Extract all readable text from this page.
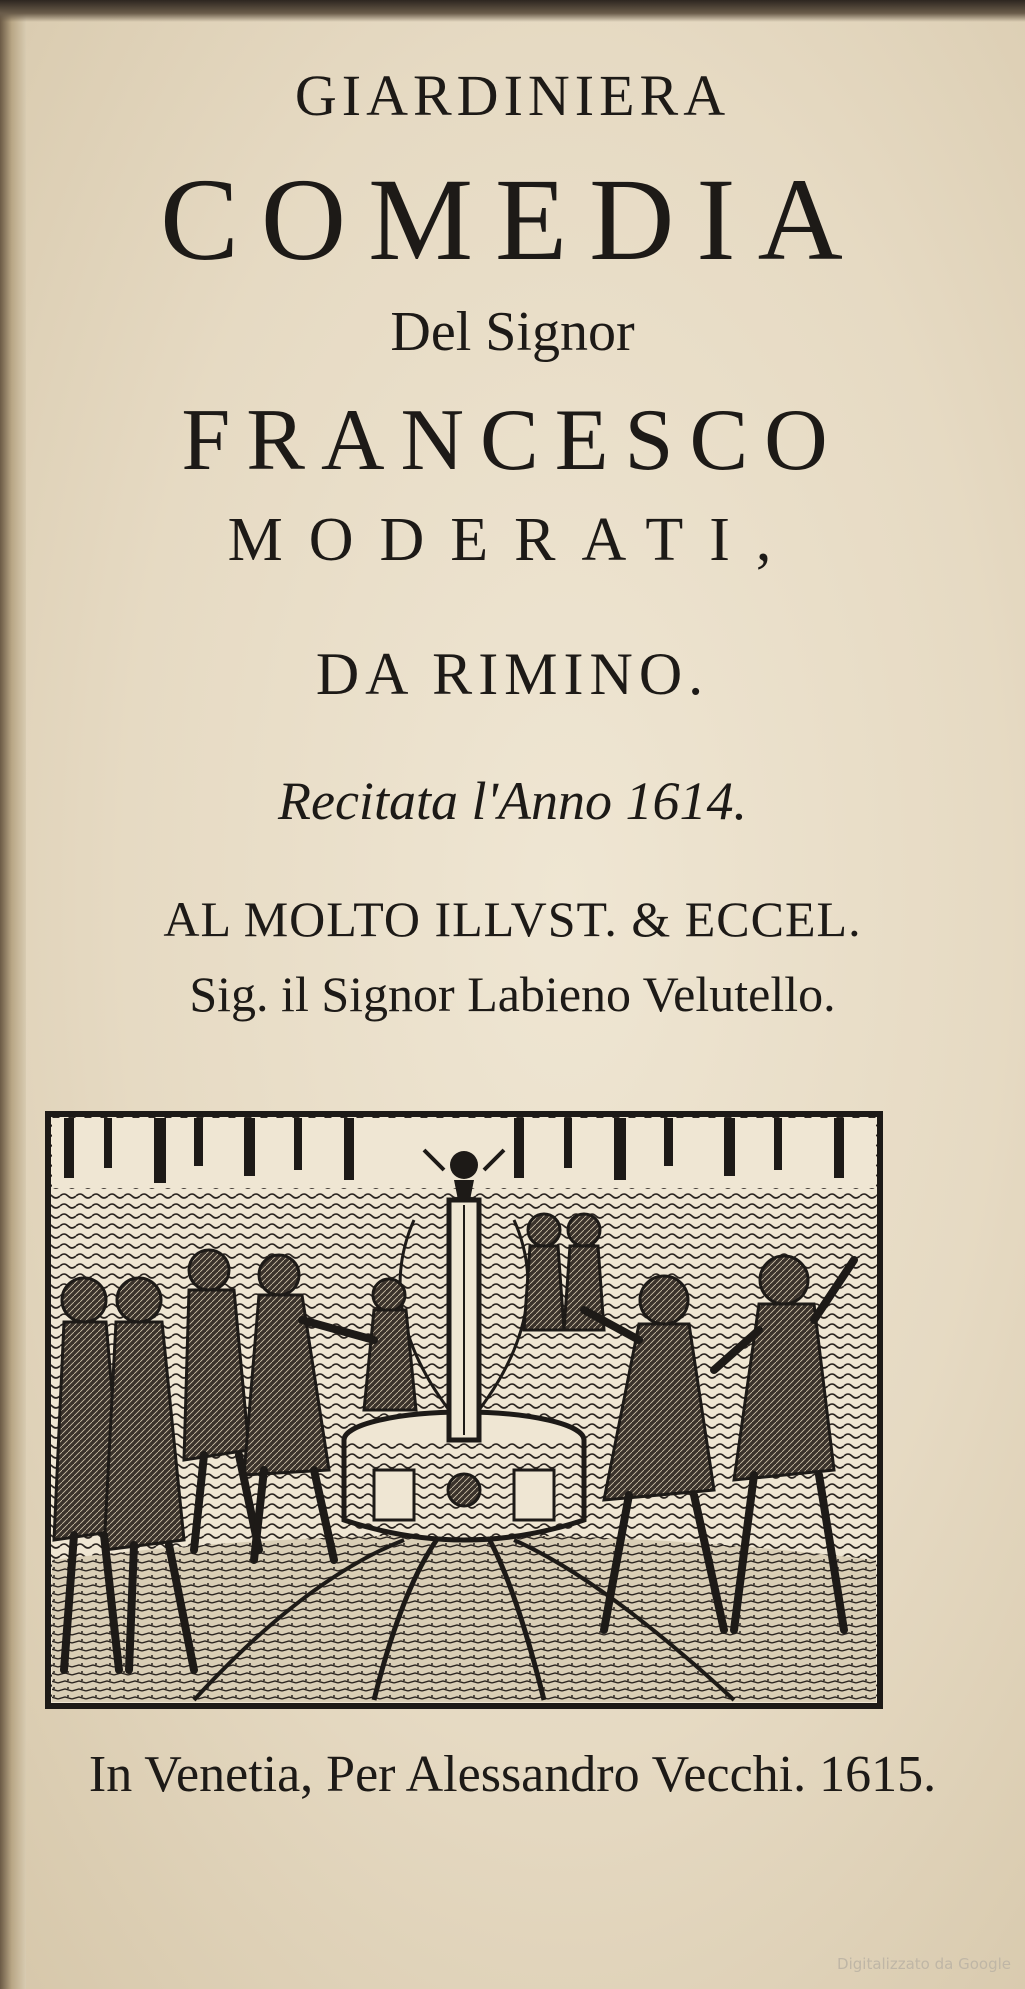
GIARDINIERA
COMEDIA
Del Signor
FRANCESCO
MODERATI,
DA RIMINO.
Recitata l'Anno 1614.
AL MOLTO ILLVST. & ECCEL.
Sig. il Signor Labieno Velutello.
In Venetia, Per Alessandro Vecchi. 1615.
Digitalizzato da Google
